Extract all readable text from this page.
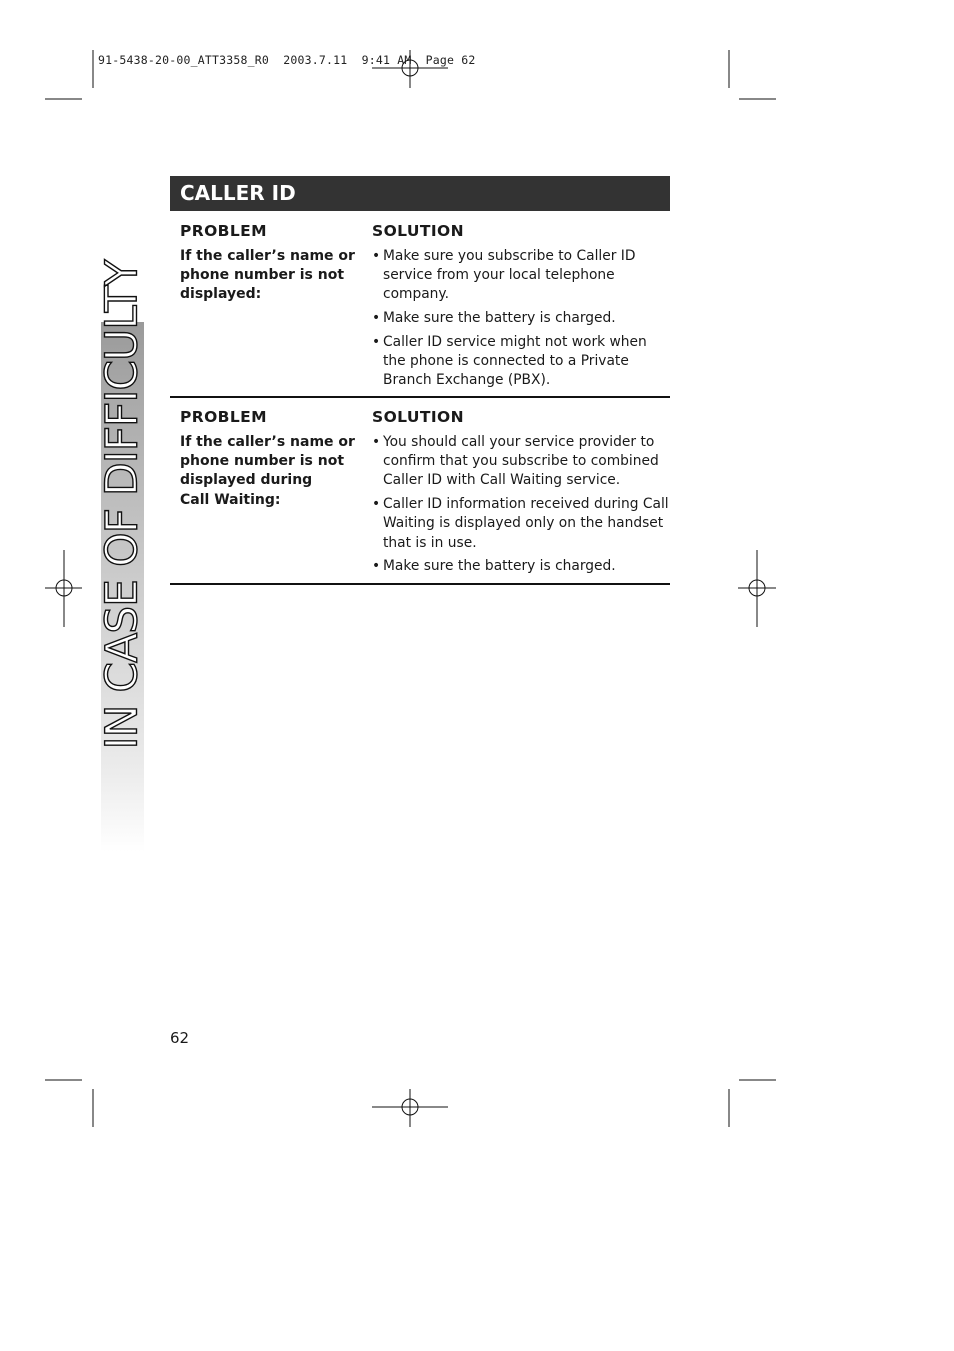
91-5438-20-00_ATT3358_R0  2003.7.11  9:41 AM  Page 62
IN CASE OF DIFFICULTY
CALLER ID
PROBLEM	SOLUTION
If the caller’s name or
phone number is not
displayed:
• Make sure you subscribe to Caller ID service from your local telephone company.
• Make sure the battery is charged.
• Caller ID service might not work when the phone is connected to a Private Branch Exchange (PBX).
PROBLEM	SOLUTION
If the caller’s name or
phone number is not
displayed during
Call Waiting:
• You should call your service provider to confirm that you subscribe to combined Caller ID with Call Waiting service.
• Caller ID information received during Call Waiting is displayed only on the handset that is in use.
• Make sure the battery is charged.
62
